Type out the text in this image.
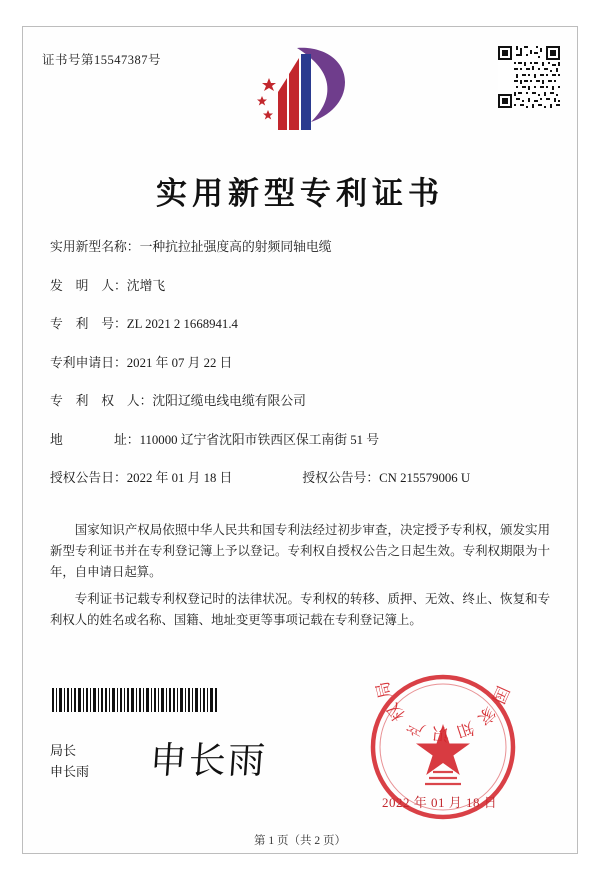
证书号第15547387号
实用新型专利证书
实用新型名称： 一种抗拉扯强度高的射频同轴电缆
发　明　人： 沈增飞
专　利　号： ZL 2021 2 1668941.4
专利申请日： 2021 年 07 月 22 日
专　利　权　人： 沈阳辽缆电线电缆有限公司
地　　　　址： 110000 辽宁省沈阳市铁西区保工南街 51 号
授权公告日： 2022 年 01 月 18 日	授权公告号： CN 215579006 U

国家知识产权局依照中华人民共和国专利法经过初步审查，决定授予专利权，颁发实用新型专利证书并在专利登记簿上予以登记。专利权自授权公告之日起生效。专利权期限为十年，自申请日起算。

专利证书记载专利权登记时的法律状况。专利权的转移、质押、无效、终止、恢复和专利权人的姓名或名称、国籍、地址变更等事项记载在专利登记簿上。

国家知识产权局
局长
申长雨 申长雨
2022 年 01 月 18 日
第 1 页（共 2 页）
